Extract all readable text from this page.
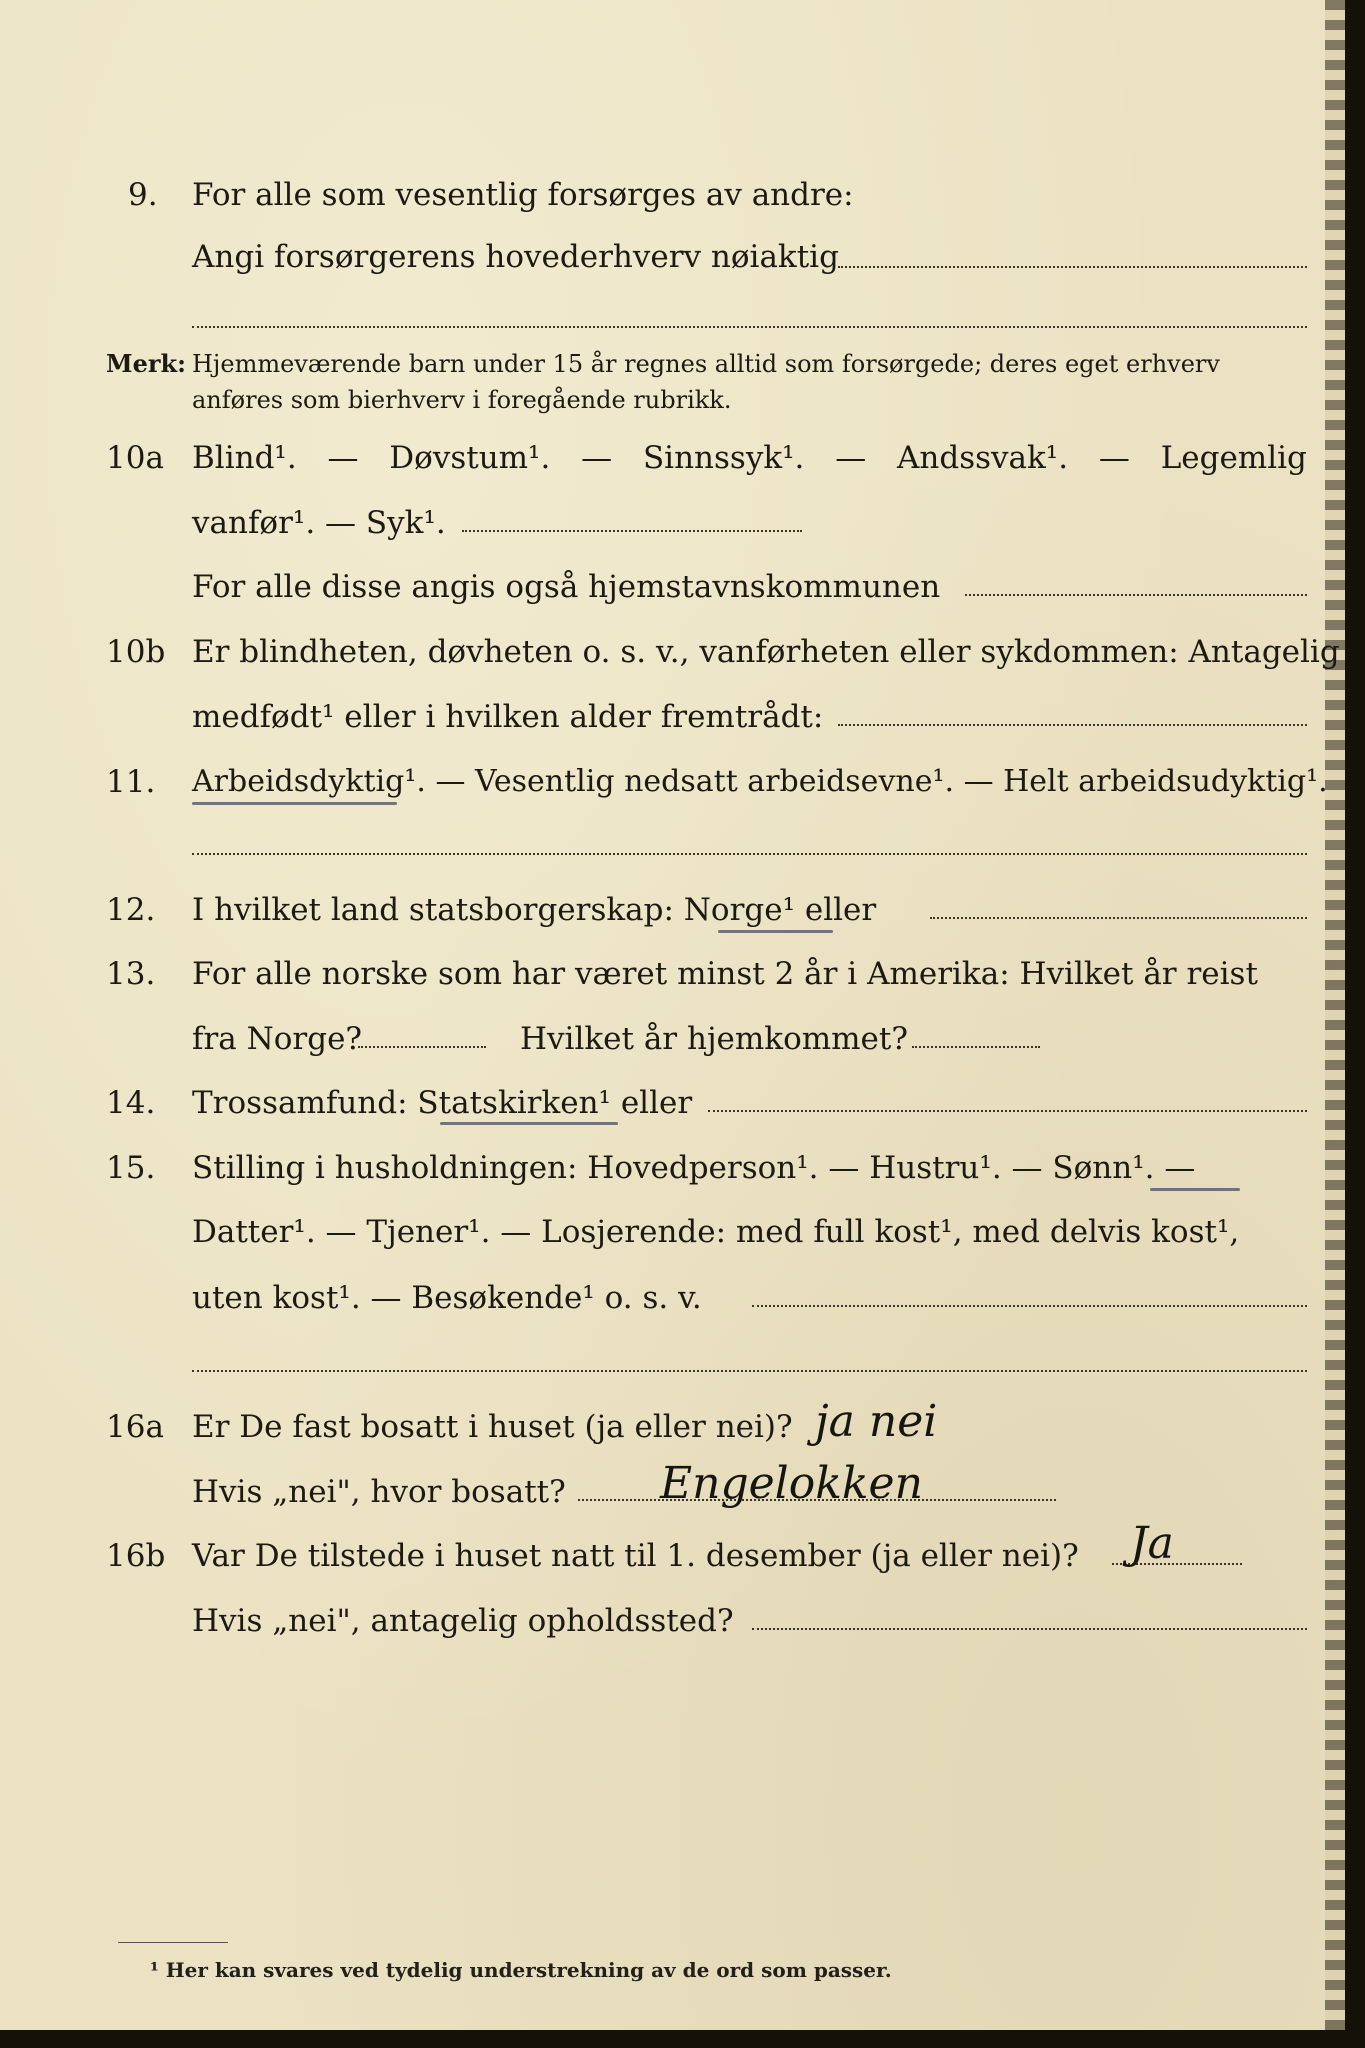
9. For alle som vesentlig forsørges av andre:
Angi forsørgerens hovederhverv nøiaktig
Merk: Hjemmeværende barn under 15 år regnes alltid som forsørgede; deres eget erhverv
anføres som bierhverv i foregående rubrikk.
10a Blind¹. — Døvstum¹. — Sinnssyk¹. — Andssvak¹. — Legemlig
vanfør¹. — Syk¹.
For alle disse angis også hjemstavnskommunen
10b Er blindheten, døvheten o. s. v., vanførheten eller sykdommen: Antagelig
medfødt¹ eller i hvilken alder fremtrådt:
11. Arbeidsdyktig¹. — Vesentlig nedsatt arbeidsevne¹. — Helt arbeidsudyktig¹.
12. I hvilket land statsborgerskap: Norge¹ eller
13. For alle norske som har været minst 2 år i Amerika: Hvilket år reist
fra Norge?	Hvilket år hjemkommet?
14. Trossamfund: Statskirken¹ eller
15. Stilling i husholdningen: Hovedperson¹. — Hustru¹. — Sønn¹. —
Datter¹. — Tjener¹. — Losjerende: med full kost¹, med delvis kost¹,
uten kost¹. — Besøkende¹ o. s. v.
16a Er De fast bosatt i huset (ja eller nei)? ja nei
Hvis „nei", hvor bosatt? Engelokken
16b Var De tilstede i huset natt til 1. desember (ja eller nei)? Ja
Hvis „nei", antagelig opholdssted?
¹ Her kan svares ved tydelig understrekning av de ord som passer.
